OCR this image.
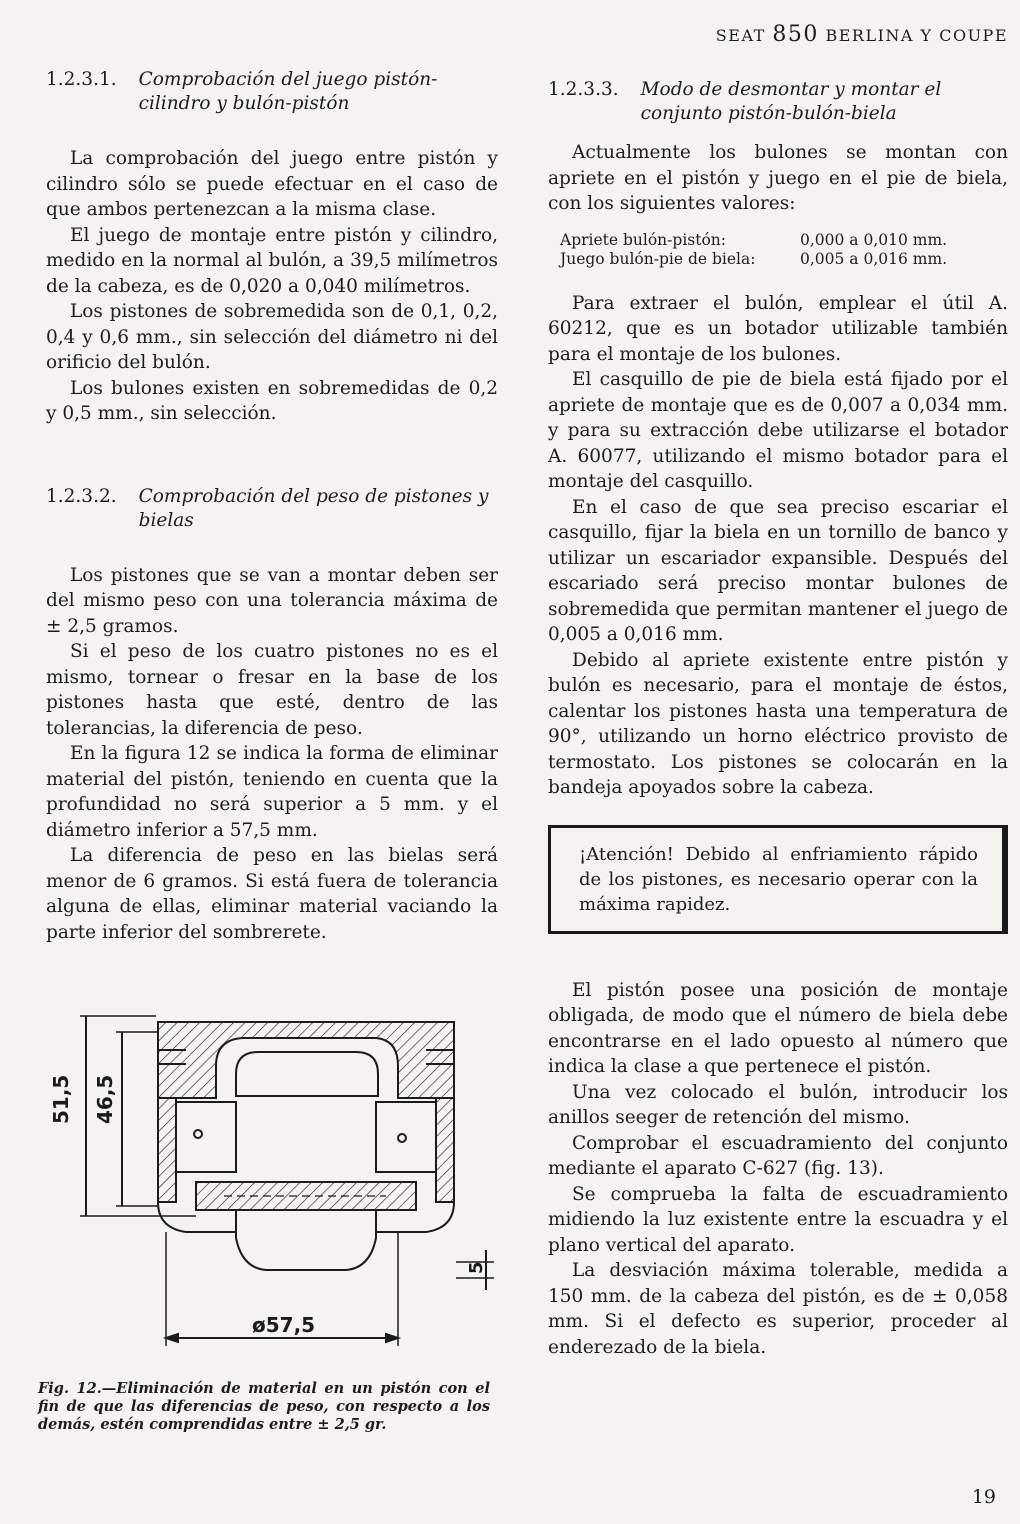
SEAT 850 BERLINA Y COUPE
1.2.3.1. Comprobación del juego pistón-cilindro y bulón-pistón

La comprobación del juego entre pistón y cilindro sólo se puede efectuar en el caso de que ambos pertenezcan a la misma clase.

El juego de montaje entre pistón y cilindro, medido en la normal al bulón, a 39,5 milímetros de la cabeza, es de 0,020 a 0,040 milímetros.

Los pistones de sobremedida son de 0,1, 0,2, 0,4 y 0,6 mm., sin selección del diámetro ni del orificio del bulón.

Los bulones existen en sobremedidas de 0,2 y 0,5 mm., sin selección.

1.2.3.2. Comprobación del peso de pistones y bielas

Los pistones que se van a montar deben ser del mismo peso con una tolerancia máxima de ± 2,5 gramos.

Si el peso de los cuatro pistones no es el mismo, tornear o fresar en la base de los pistones hasta que esté, dentro de las tolerancias, la diferencia de peso.

En la figura 12 se indica la forma de eliminar material del pistón, teniendo en cuenta que la profundidad no será superior a 5 mm. y el diámetro inferior a 57,5 mm.

La diferencia de peso en las bielas será menor de 6 gramos. Si está fuera de tolerancia alguna de ellas, eliminar material vaciando la parte inferior del sombrerete.

51,5 46,5
5
ø57,5
Fig. 12.—Eliminación de material en un pistón con el fin de que las diferencias de peso, con respecto a los demás, estén comprendidas entre ± 2,5 gr.
1.2.3.3. Modo de desmontar y montar el conjunto pistón-bulón-biela

Actualmente los bulones se montan con apriete en el pistón y juego en el pie de biela, con los siguientes valores:

Apriete bulón-pistón:	0,000 a 0,010 mm.
Juego bulón-pie de biela:	0,005 a 0,016 mm.

Para extraer el bulón, emplear el útil A. 60212, que es un botador utilizable también para el montaje de los bulones.

El casquillo de pie de biela está fijado por el apriete de montaje que es de 0,007 a 0,034 mm. y para su extracción debe utilizarse el botador A. 60077, utilizando el mismo botador para el montaje del casquillo.

En el caso de que sea preciso escariar el casquillo, fijar la biela en un tornillo de banco y utilizar un escariador expansible. Después del escariado será preciso montar bulones de sobremedida que permitan mantener el juego de 0,005 a 0,016 mm.

Debido al apriete existente entre pistón y bulón es necesario, para el montaje de éstos, calentar los pistones hasta una temperatura de 90°, utilizando un horno eléctrico provisto de termostato. Los pistones se colocarán en la bandeja apoyados sobre la cabeza.

¡Atención! Debido al enfriamiento rápido de los pistones, es necesario operar con la máxima rapidez.

El pistón posee una posición de montaje obligada, de modo que el número de biela debe encontrarse en el lado opuesto al número que indica la clase a que pertenece el pistón.

Una vez colocado el bulón, introducir los anillos seeger de retención del mismo.

Comprobar el escuadramiento del conjunto mediante el aparato C-627 (fig. 13).

Se comprueba la falta de escuadramiento midiendo la luz existente entre la escuadra y el plano vertical del aparato.

La desviación máxima tolerable, medida a 150 mm. de la cabeza del pistón, es de ± 0,058 mm. Si el defecto es superior, proceder al enderezado de la biela.

19
